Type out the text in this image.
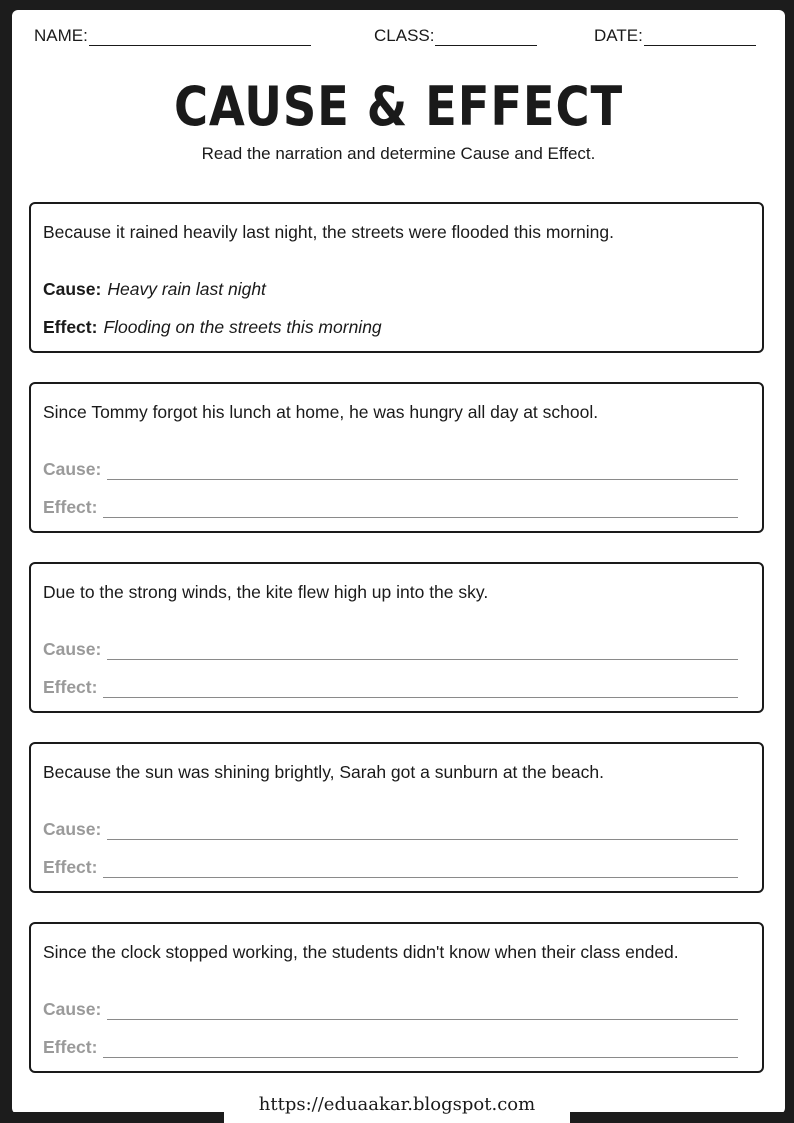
NAME:	CLASS:	DATE:
CAUSE & EFFECT
Read the narration and determine Cause and Effect.
Because it rained heavily last night, the streets were flooded this morning.
Cause: Heavy rain last night
Effect: Flooding on the streets this morning
Since Tommy forgot his lunch at home, he was hungry all day at school.
Cause:
Effect:
Due to the strong winds, the kite flew high up into the sky.
Cause:
Effect:
Because the sun was shining brightly, Sarah got a sunburn at the beach.
Cause:
Effect:
Since the clock stopped working, the students didn't know when their class ended.
Cause:
Effect:
https://eduaakar.blogspot.com
